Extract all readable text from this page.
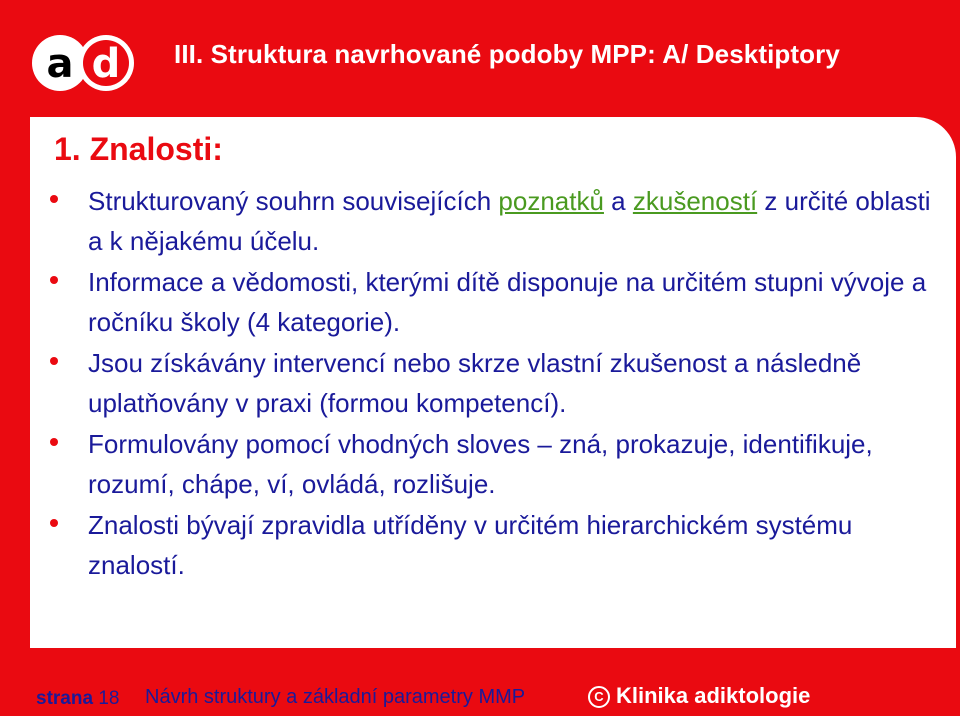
a d III. Struktura navrhované podoby MPP: A/ Desktiptory
1. Znalosti:
Strukturovaný souhrn souvisejících poznatků a zkušeností z určité oblasti a k nějakému účelu.
Informace a vědomosti, kterými dítě disponuje na určitém stupni vývoje a ročníku školy (4 kategorie).
Jsou získávány intervencí nebo skrze vlastní zkušenost a následně uplatňovány v praxi (formou kompetencí).
Formulovány pomocí vhodných sloves – zná, prokazuje, identifikuje, rozumí, chápe, ví, ovládá, rozlišuje.
Znalosti bývají zpravidla utříděny v určitém hierarchickém systému znalostí.
strana 18 Návrh struktury a základní parametry MMP	C Klinika adiktologie
